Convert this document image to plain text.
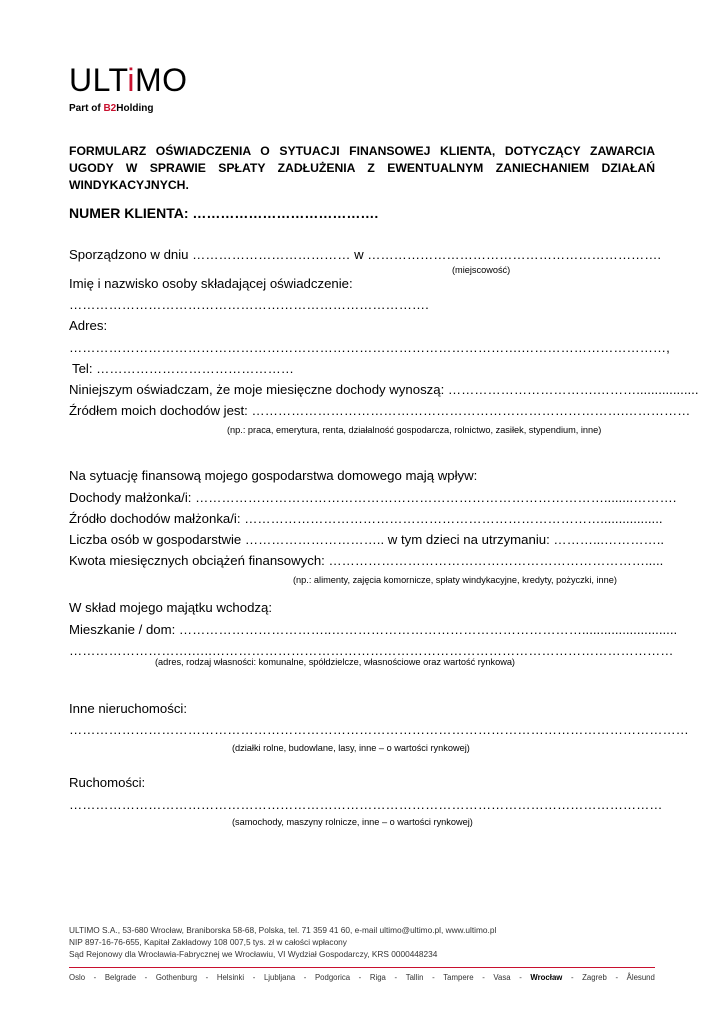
ULTiMO
Part of B2Holding
FORMULARZ OŚWIADCZENIA O SYTUACJI FINANSOWEJ KLIENTA, DOTYCZĄCY ZAWARCIA UGODY W SPRAWIE SPŁATY ZADŁUŻENIA Z EWENTUALNYM ZANIECHANIEM DZIAŁAŃ WINDYKACYJNYCH.
NUMER KLIENTA: ………………………………….
Sporządzono w dniu ……………………………… w ………………………………………………………….
(miejscowość)
Imię i nazwisko osoby składającej oświadczenie:
……………………………………………………………………….
Adres:
………………………………………………………………………………………….……………………………,
Tel: ………………………………………
Niniejszym oświadczam, że moje miesięczne dochody wynoszą: …………………………….……….................
Źródłem moich dochodów jest: ………………………………………………………………………….……………
(np.: praca, emerytura, renta, działalność gospodarcza, rolnictwo, zasiłek, stypendium, inne)
Na sytuację finansową mojego gospodarstwa domowego mają wpływ:
Dochody małżonka/i: …………………………………………………………………………………........……….
Źródło dochodów małżonka/i: ……………………………………………………………………….................
Liczba osób w gospodarstwie ………………………….. w tym dzieci na utrzymaniu: ………...…………..
Kwota miesięcznych obciążeń finansowych: ……………………………………………………………….....
(np.: alimenty, zajęcia komornicze, spłaty windykacyjne, kredyty, pożyczki, inne)
W skład mojego majątku wchodzą:
Mieszkanie / dom: ……………………………..…………………………………………………..........................
……………………….…..……………………………………………………………………………………………
(adres, rodzaj własności: komunalne, spółdzielcze, własnościowe oraz wartość rynkowa)
Inne nieruchomości:
……………………………………………………………………………………………………………………………
(działki rolne, budowlane, lasy, inne – o wartości rynkowej)
Ruchomości:
………………………………………………………………………………………………………………………
(samochody, maszyny rolnicze, inne – o wartości rynkowej)
ULTIMO S.A., 53-680 Wrocław, Braniborska 58-68, Polska, tel. 71 359 41 60, e-mail ultimo@ultimo.pl, www.ultimo.pl
NIP 897-16-76-655, Kapitał Zakładowy 108 007,5 tys. zł w całości wpłacony
Sąd Rejonowy dla Wrocławia-Fabrycznej we Wrocławiu, VI Wydział Gospodarczy, KRS 0000448234
Oslo - Belgrade - Gothenburg - Helsinki - Ljubljana - Podgorica - Riga - Tallin - Tampere - Vasa - Wrocław - Zagreb - Ålesund
